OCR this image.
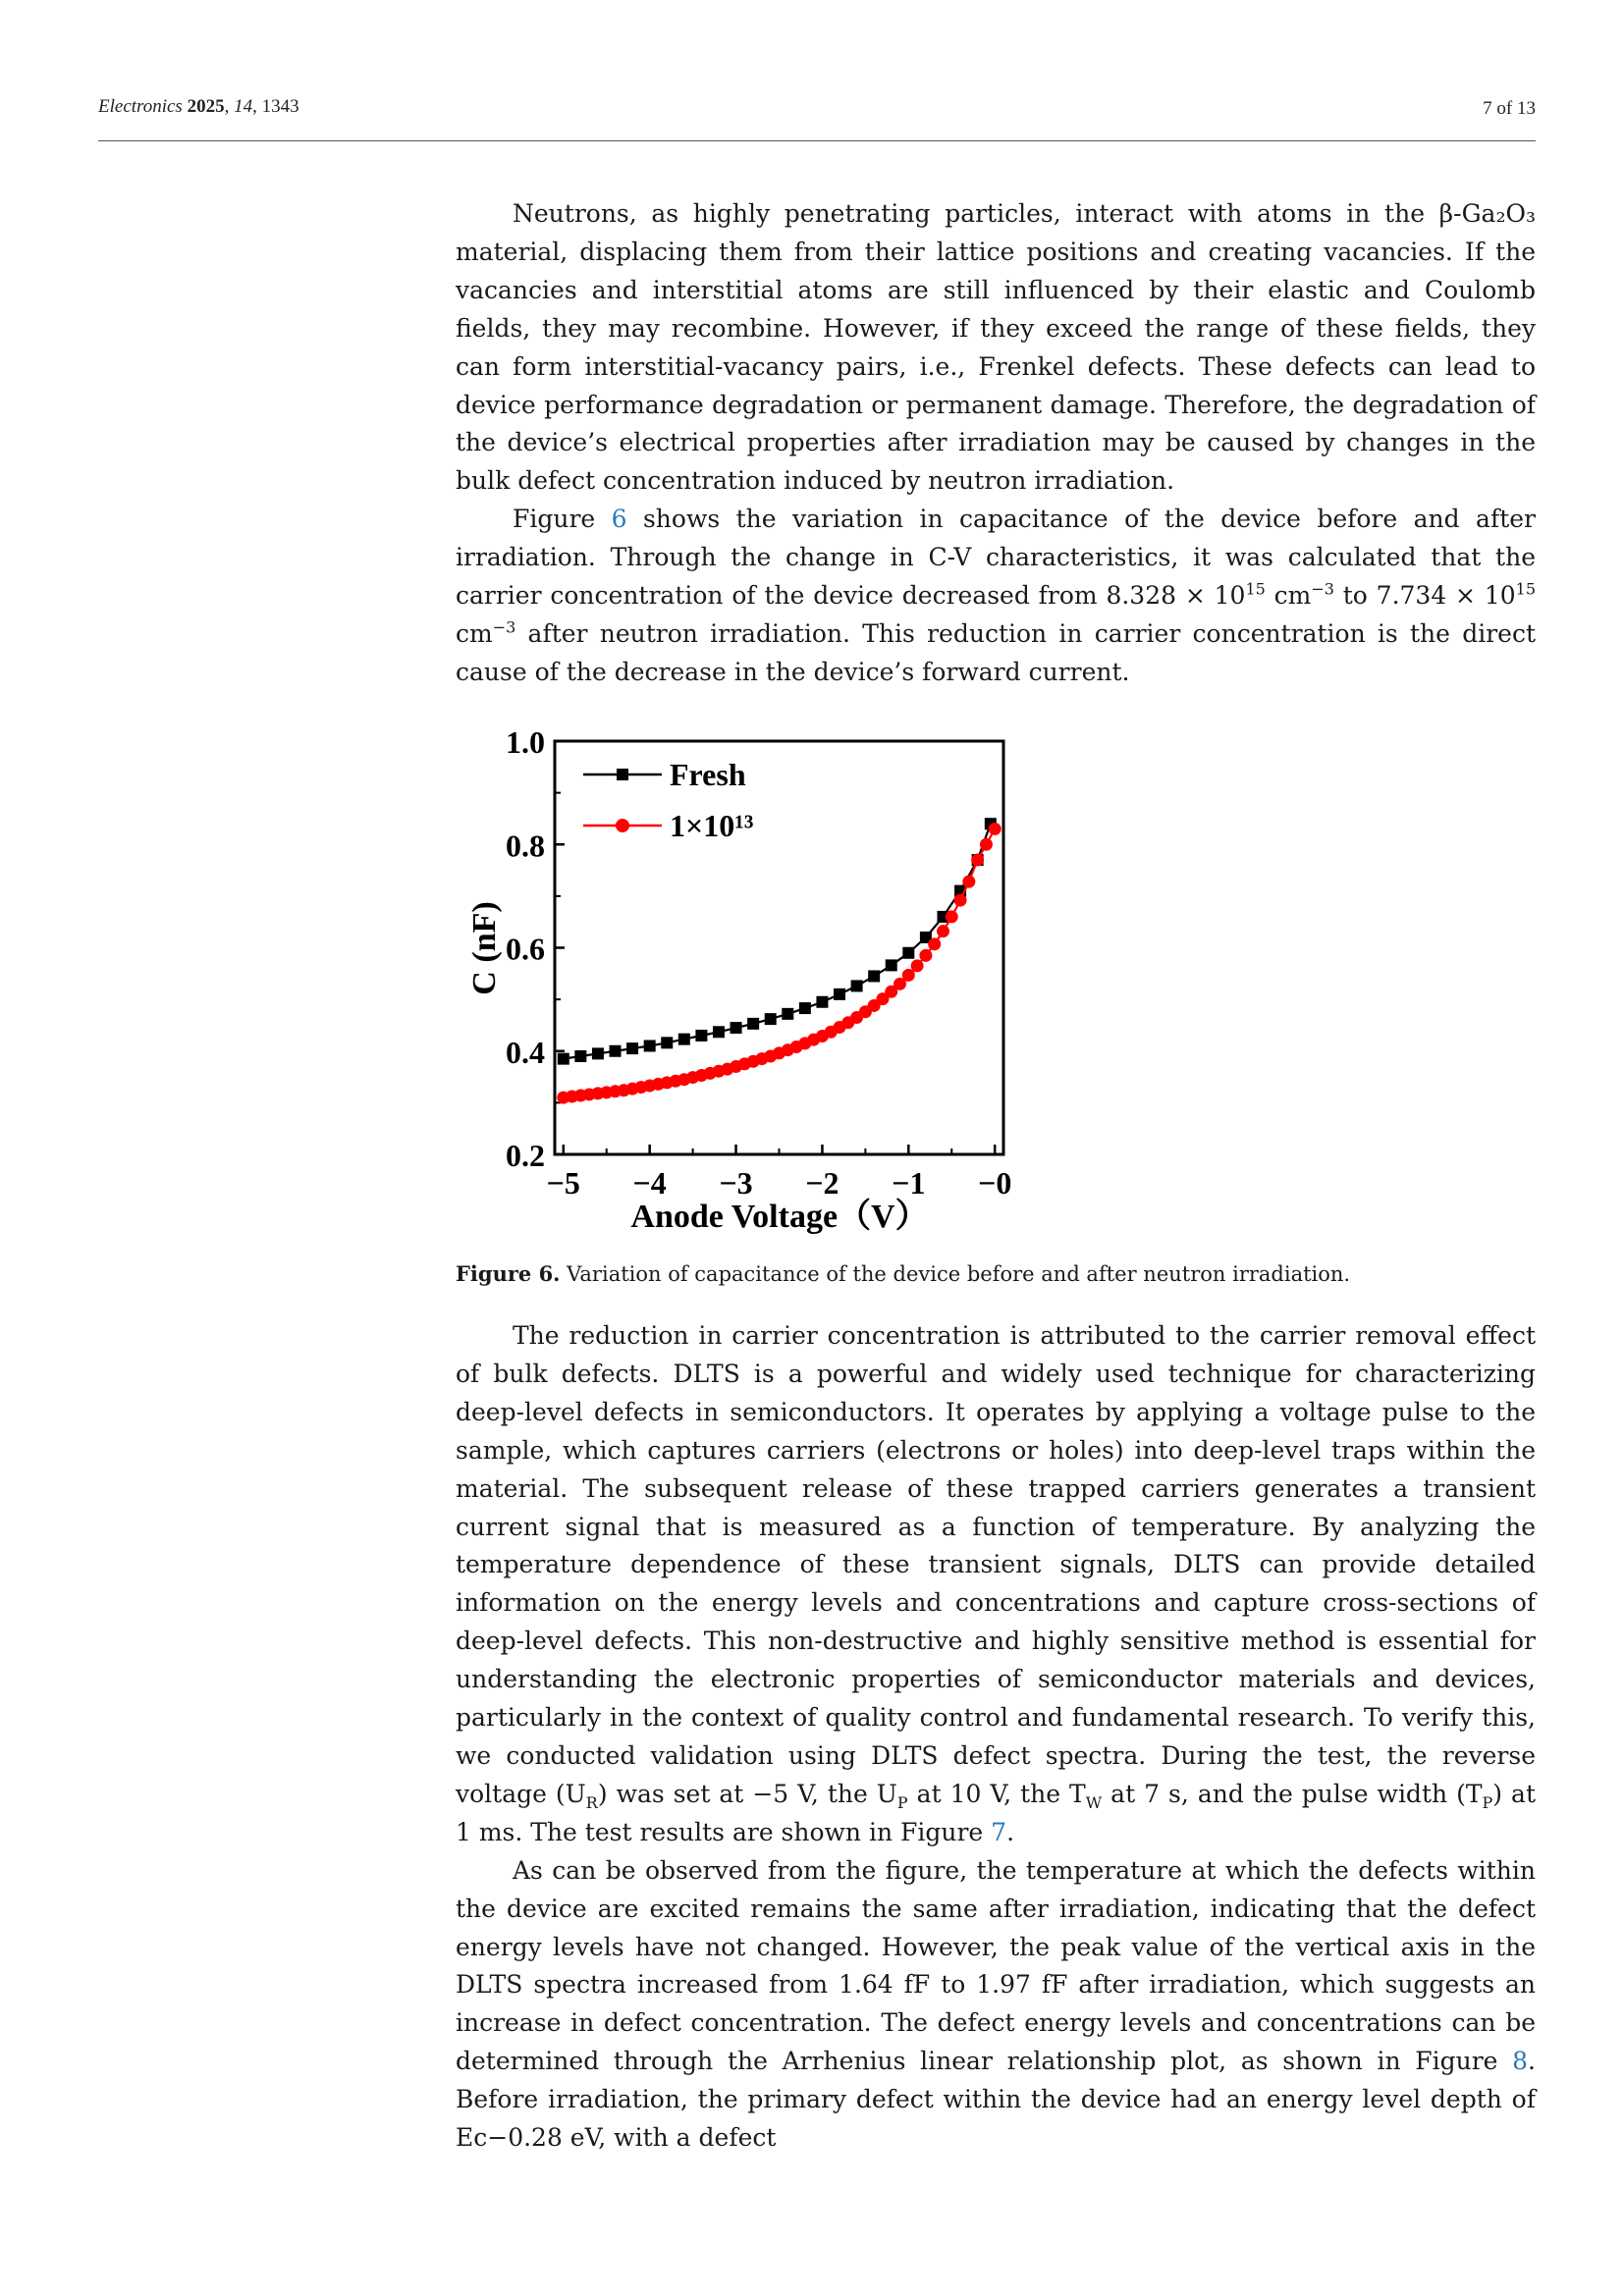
Electronics 2025, 14, 1343	7 of 13

Neutrons, as highly penetrating particles, interact with atoms in the β-Ga₂O₃ material, displacing them from their lattice positions and creating vacancies. If the vacancies and interstitial atoms are still influenced by their elastic and Coulomb fields, they may recombine. However, if they exceed the range of these fields, they can form interstitial-vacancy pairs, i.e., Frenkel defects. These defects can lead to device performance degradation or permanent damage. Therefore, the degradation of the device’s electrical properties after irradiation may be caused by changes in the bulk defect concentration induced by neutron irradiation.

Figure 6 shows the variation in capacitance of the device before and after irradiation. Through the change in C-V characteristics, it was calculated that the carrier concentration of the device decreased from $8.328 \times 10^{15}$ $cm^{-3}$ to $7.734 \times 10^{15}$ $cm^{-3}$ after neutron irradiation. This reduction in carrier concentration is the direct cause of the decrease in the device’s forward current.

0.2
0.4
0.6
0.8
1.0
−5 −4 −3 −2 −1 −0
Fresh
1×10¹³
C (nF)
Anode Voltage（V）
Figure 6. Variation of capacitance of the device before and after neutron irradiation.

The reduction in carrier concentration is attributed to the carrier removal effect of bulk defects. DLTS is a powerful and widely used technique for characterizing deep-level defects in semiconductors. It operates by applying a voltage pulse to the sample, which captures carriers (electrons or holes) into deep-level traps within the material. The subsequent release of these trapped carriers generates a transient current signal that is measured as a function of temperature. By analyzing the temperature dependence of these transient signals, DLTS can provide detailed information on the energy levels and concentrations and capture cross-sections of deep-level defects. This non-destructive and highly sensitive method is essential for understanding the electronic properties of semiconductor materials and devices, particularly in the context of quality control and fundamental research. To verify this, we conducted validation using DLTS defect spectra. During the test, the reverse voltage $(U_R)$ was set at −5 V, the $U_P$ at 10 V, the $T_W$ at 7 s, and the pulse width $(T_P)$ at 1 ms. The test results are shown in Figure 7.

As can be observed from the figure, the temperature at which the defects within the device are excited remains the same after irradiation, indicating that the defect energy levels have not changed. However, the peak value of the vertical axis in the DLTS spectra increased from 1.64 fF to 1.97 fF after irradiation, which suggests an increase in defect concentration. The defect energy levels and concentrations can be determined through the Arrhenius linear relationship plot, as shown in Figure 8. Before irradiation, the primary defect within the device had an energy level depth of Ec−0.28 eV, with a defect
